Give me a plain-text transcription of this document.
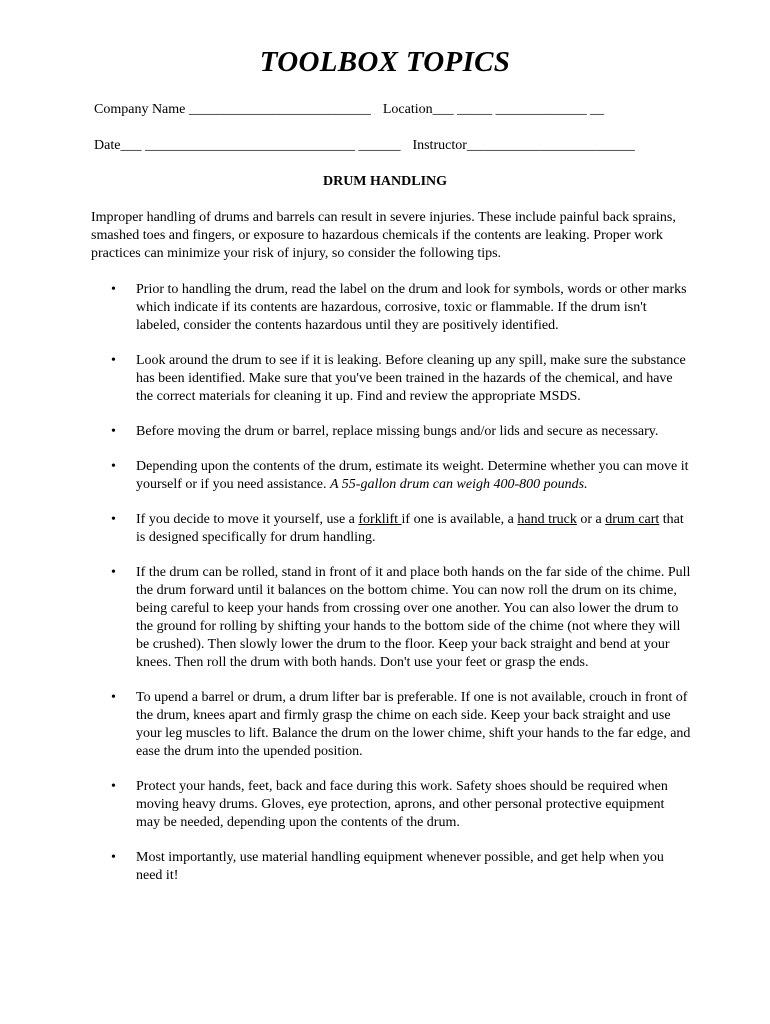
TOOLBOX TOPICS
Company Name __________________________ Location___ _____ _____________ __
Date___ ______________________________ ______ Instructor________________________
DRUM HANDLING

Improper handling of drums and barrels can result in severe injuries. These include painful back sprains, smashed toes and fingers, or exposure to hazardous chemicals if the contents are leaking. Proper work practices can minimize your risk of injury, so consider the following tips.

• Prior to handling the drum, read the label on the drum and look for symbols, words or other marks which indicate if its contents are hazardous, corrosive, toxic or flammable. If the drum isn't labeled, consider the contents hazardous until they are positively identified.
• Look around the drum to see if it is leaking. Before cleaning up any spill, make sure the substance has been identified. Make sure that you've been trained in the hazards of the chemical, and have the correct materials for cleaning it up. Find and review the appropriate MSDS.
• Before moving the drum or barrel, replace missing bungs and/or lids and secure as necessary.
• Depending upon the contents of the drum, estimate its weight. Determine whether you can move it yourself or if you need assistance. A 55-gallon drum can weigh 400-800 pounds.
• If you decide to move it yourself, use a forklift if one is available, a hand truck or a drum cart that is designed specifically for drum handling.
• If the drum can be rolled, stand in front of it and place both hands on the far side of the chime. Pull the drum forward until it balances on the bottom chime. You can now roll the drum on its chime, being careful to keep your hands from crossing over one another. You can also lower the drum to the ground for rolling by shifting your hands to the bottom side of the chime (not where they will be crushed). Then slowly lower the drum to the floor. Keep your back straight and bend at your knees. Then roll the drum with both hands. Don't use your feet or grasp the ends.
• To upend a barrel or drum, a drum lifter bar is preferable. If one is not available, crouch in front of the drum, knees apart and firmly grasp the chime on each side. Keep your back straight and use your leg muscles to lift. Balance the drum on the lower chime, shift your hands to the far edge, and ease the drum into the upended position.
• Protect your hands, feet, back and face during this work. Safety shoes should be required when moving heavy drums. Gloves, eye protection, aprons, and other personal protective equipment may be needed, depending upon the contents of the drum.
• Most importantly, use material handling equipment whenever possible, and get help when you need it!
